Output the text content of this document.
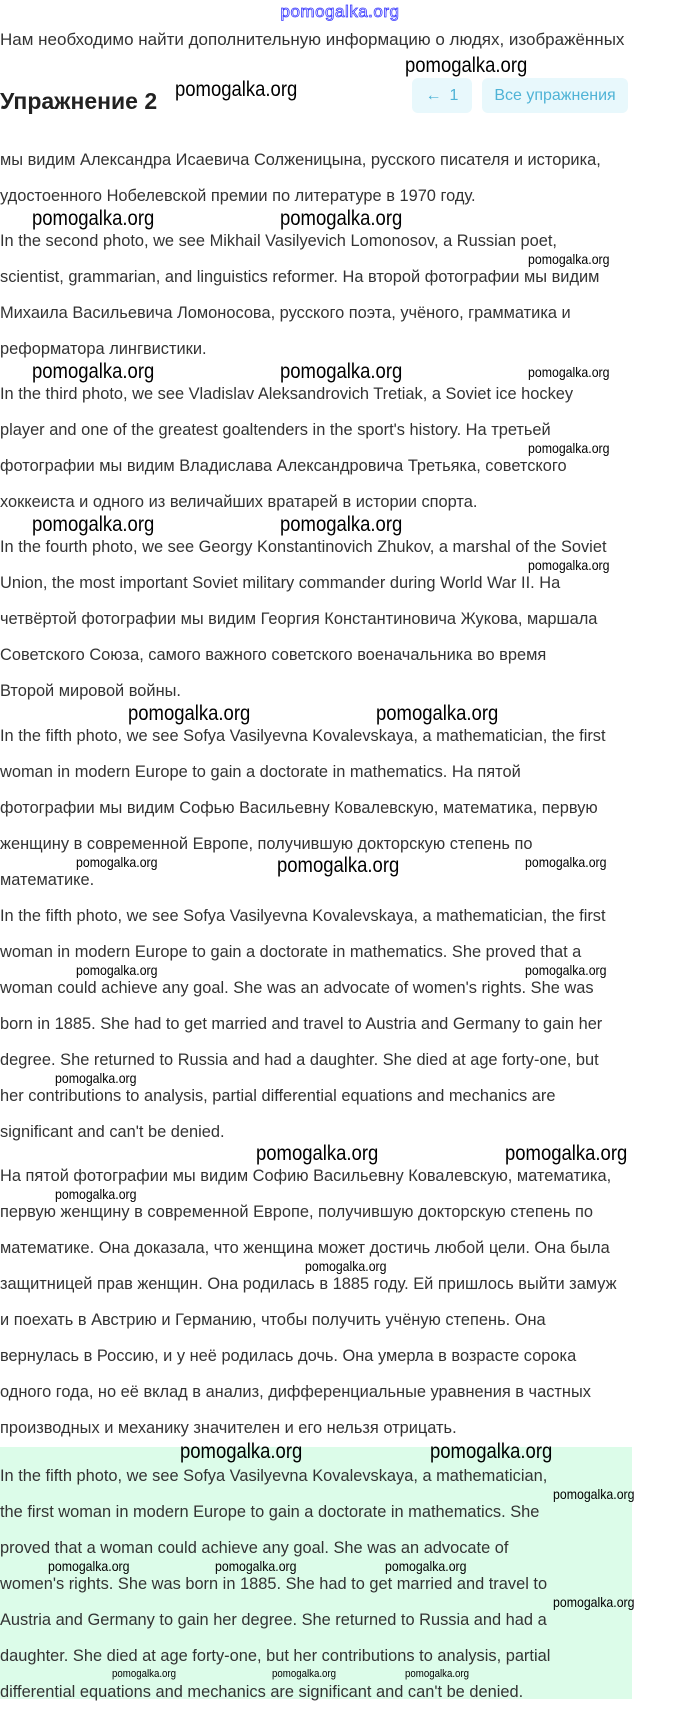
pomogalka.org
Нам необходимо найти дополнительную информацию о людях, изображённых
Упражнение 2	← 1	Все упражнения
мы видим Александра Исаевича Солженицына, русского писателя и историка,
удостоенного Нобелевской премии по литературе в 1970 году.
In the second photo, we see Mikhail Vasilyevich Lomonosov, a Russian poet,
scientist, grammarian, and linguistics reformer. На второй фотографии мы видим
Михаила Васильевича Ломоносова, русского поэта, учёного, грамматика и
реформатора лингвистики.
In the third photo, we see Vladislav Aleksandrovich Tretiak, a Soviet ice hockey
player and one of the greatest goaltenders in the sport's history. На третьей
фотографии мы видим Владислава Александровича Третьяка, советского
хоккеиста и одного из величайших вратарей в истории спорта.
In the fourth photo, we see Georgy Konstantinovich Zhukov, a marshal of the Soviet
Union, the most important Soviet military commander during World War II. На
четвёртой фотографии мы видим Георгия Константиновича Жукова, маршала
Советского Союза, самого важного советского военачальника во время
Второй мировой войны.
In the fifth photo, we see Sofya Vasilyevna Kovalevskaya, a mathematician, the first
woman in modern Europe to gain a doctorate in mathematics. На пятой
фотографии мы видим Софью Васильевну Ковалевскую, математика, первую
женщину в современной Европе, получившую докторскую степень по
математике.
In the fifth photo, we see Sofya Vasilyevna Kovalevskaya, a mathematician, the first
woman in modern Europe to gain a doctorate in mathematics. She proved that a
woman could achieve any goal. She was an advocate of women's rights. She was
born in 1885. She had to get married and travel to Austria and Germany to gain her
degree. She returned to Russia and had a daughter. She died at age forty-one, but
her contributions to analysis, partial differential equations and mechanics are
significant and can't be denied.
На пятой фотографии мы видим Софию Васильевну Ковалевскую, математика,
первую женщину в современной Европе, получившую докторскую степень по
математике. Она доказала, что женщина может достичь любой цели. Она была
защитницей прав женщин. Она родилась в 1885 году. Ей пришлось выйти замуж
и поехать в Австрию и Германию, чтобы получить учёную степень. Она
вернулась в Россию, и у неё родилась дочь. Она умерла в возрасте сорока
одного года, но её вклад в анализ, дифференциальные уравнения в частных
производных и механику значителен и его нельзя отрицать.
In the fifth photo, we see Sofya Vasilyevna Kovalevskaya, a mathematician,
the first woman in modern Europe to gain a doctorate in mathematics. She
proved that a woman could achieve any goal. She was an advocate of
women's rights. She was born in 1885. She had to get married and travel to
Austria and Germany to gain her degree. She returned to Russia and had a
daughter. She died at age forty-one, but her contributions to analysis, partial
differential equations and mechanics are significant and can't be denied.
pomogalka.org
pomogalka.org
pomogalka.org	pomogalka.org
pomogalka.org
pomogalka.org	pomogalka.org	pomogalka.org
pomogalka.org
pomogalka.org	pomogalka.org
pomogalka.org
pomogalka.org	pomogalka.org
pomogalka.org	pomogalka.org	pomogalka.org
pomogalka.org	pomogalka.org
pomogalka.org
pomogalka.org	pomogalka.org
pomogalka.org
pomogalka.org
pomogalka.org	pomogalka.org
pomogalka.org
pomogalka.org	pomogalka.org	pomogalka.org
pomogalka.org
pomogalka.org	pomogalka.org	pomogalka.org
